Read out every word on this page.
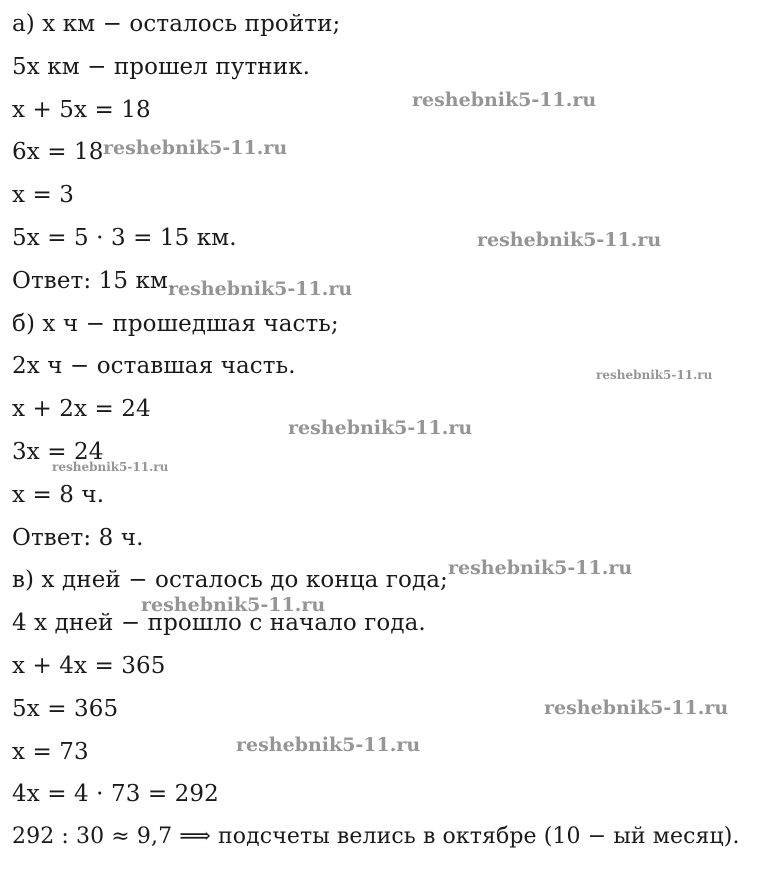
а) x км − осталось пройти;
5x км − прошел путник.
x + 5x = 18
6x = 18
x = 3
5x = 5 · 3 = 15 км.
Ответ: 15 км.
б) x ч − прошедшая часть;
2x ч − оставшая часть.
x + 2x = 24
3x = 24
x = 8 ч.
Ответ: 8 ч.
в) x дней − осталось до конца года;
4 x дней − прошло с начало года.
x + 4x = 365
5x = 365
x = 73
4x = 4 · 73 = 292
292 : 30 ≈ 9,7 ⟹ подсчеты велись в октябре (10 − ый месяц).
reshebnik5-11.ru
reshebnik5-11.ru
reshebnik5-11.ru
reshebnik5-11.ru
reshebnik5-11.ru
reshebnik5-11.ru
reshebnik5-11.ru
reshebnik5-11.ru
reshebnik5-11.ru
reshebnik5-11.ru
reshebnik5-11.ru
